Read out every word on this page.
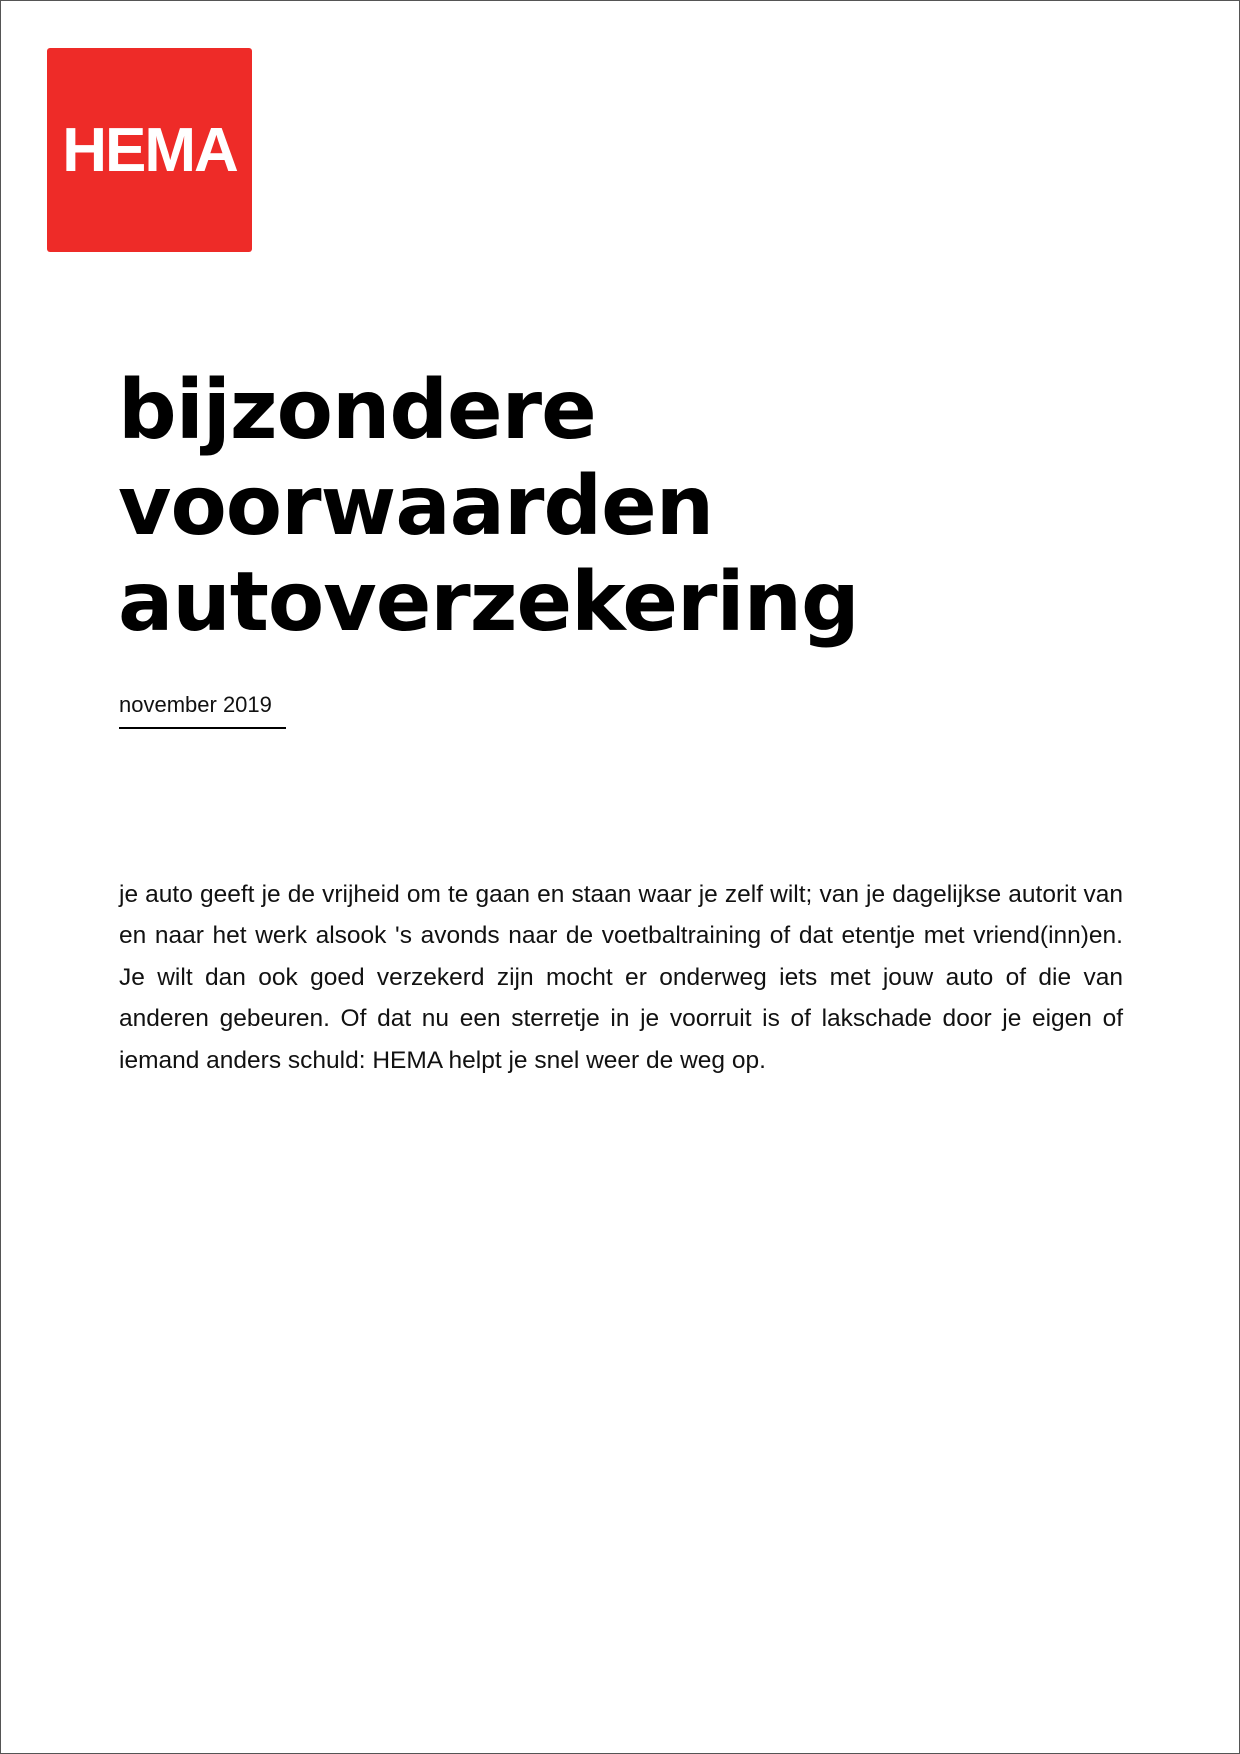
HEMA
bijzondere
voorwaarden
autoverzekering
november 2019

je auto geeft je de vrijheid om te gaan en staan waar je zelf wilt; van je dagelijkse autorit van en naar het werk alsook 's avonds naar de voetbaltraining of dat etentje met vriend(inn)en. Je wilt dan ook goed verzekerd zijn mocht er onderweg iets met jouw auto of die van anderen gebeuren. Of dat nu een sterretje in je voorruit is of lakschade door je eigen of iemand anders schuld: HEMA helpt je snel weer de weg op.
